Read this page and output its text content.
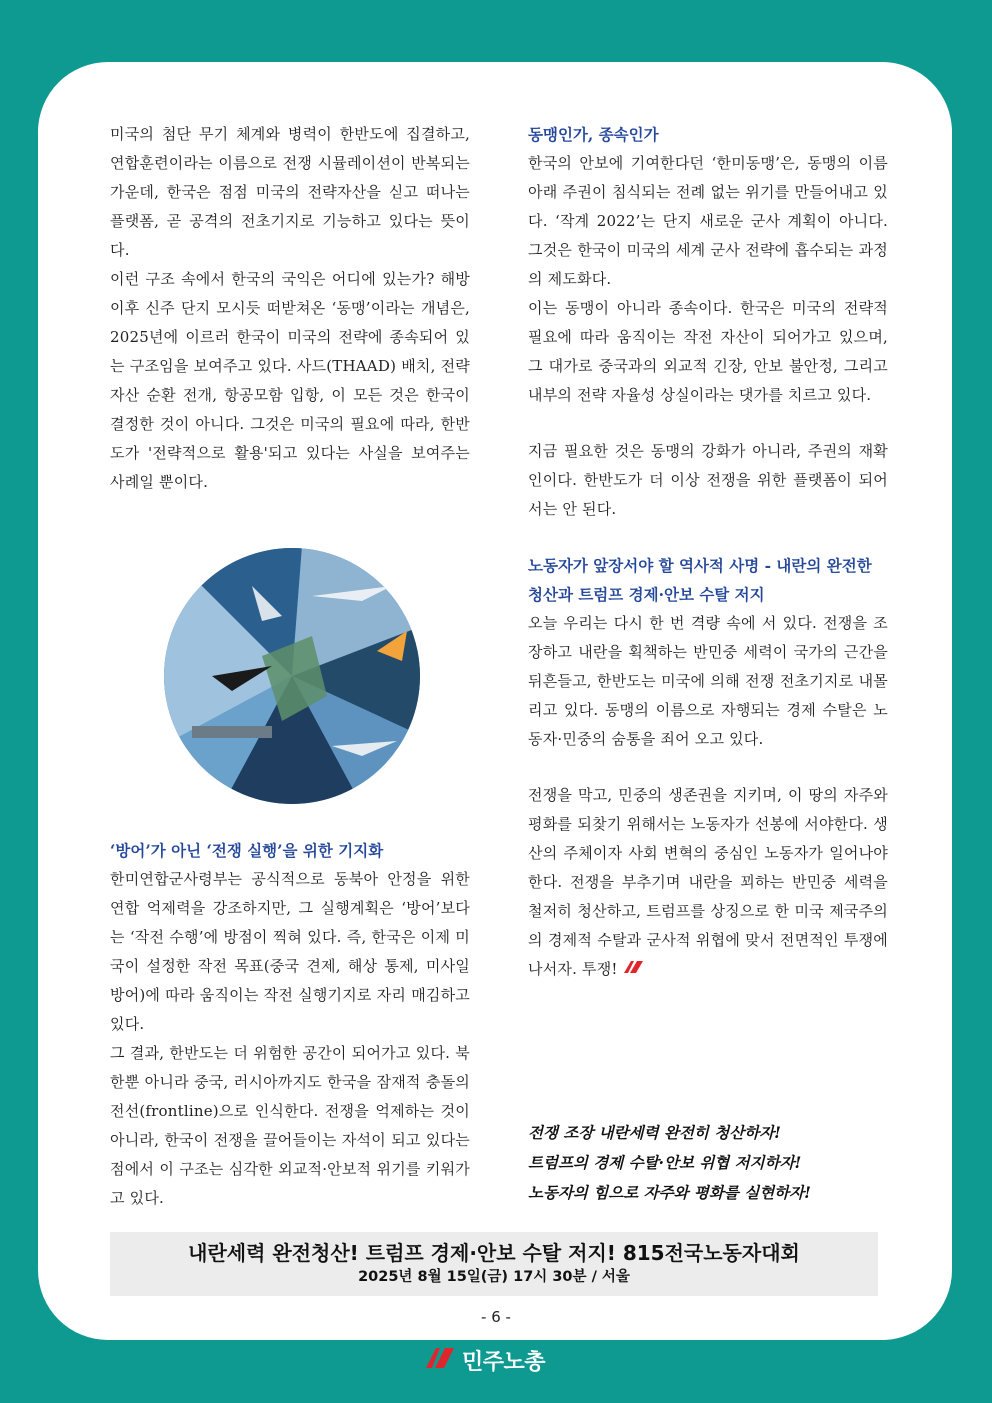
미국의 첨단 무기 체계와 병력이 한반도에 집결하고, 연합훈련이라는 이름으로 전쟁 시뮬레이션이 반복되는 가운데, 한국은 점점 미국의 전략자산을 싣고 떠나는 플랫폼, 곧 공격의 전초기지로 기능하고 있다는 뜻이다.

이런 구조 속에서 한국의 국익은 어디에 있는가? 해방 이후 신주 단지 모시듯 떠받쳐온 ‘동맹’이라는 개념은, 2025년에 이르러 한국이 미국의 전략에 종속되어 있는 구조임을 보여주고 있다. 사드(THAAD) 배치, 전략자산 순환 전개, 항공모함 입항, 이 모든 것은 한국이 결정한 것이 아니다. 그것은 미국의 필요에 따라, 한반도가 '전략적으로 활용'되고 있다는 사실을 보여주는 사례일 뿐이다.

‘방어’가 아닌 ‘전쟁 실행’을 위한 기지화

한미연합군사령부는 공식적으로 동북아 안정을 위한 연합 억제력을 강조하지만, 그 실행계획은 ‘방어’보다는 ‘작전 수행’에 방점이 찍혀 있다. 즉, 한국은 이제 미국이 설정한 작전 목표(중국 견제, 해상 통제, 미사일 방어)에 따라 움직이는 작전 실행기지로 자리 매김하고 있다.

그 결과, 한반도는 더 위험한 공간이 되어가고 있다. 북한뿐 아니라 중국, 러시아까지도 한국을 잠재적 충돌의 전선(frontline)으로 인식한다. 전쟁을 억제하는 것이 아니라, 한국이 전쟁을 끌어들이는 자석이 되고 있다는 점에서 이 구조는 심각한 외교적·안보적 위기를 키워가고 있다.

동맹인가, 종속인가

한국의 안보에 기여한다던 ‘한미동맹’은, 동맹의 이름 아래 주권이 침식되는 전례 없는 위기를 만들어내고 있다. ‘작계 2022’는 단지 새로운 군사 계획이 아니다. 그것은 한국이 미국의 세계 군사 전략에 흡수되는 과정의 제도화다.

이는 동맹이 아니라 종속이다. 한국은 미국의 전략적 필요에 따라 움직이는 작전 자산이 되어가고 있으며, 그 대가로 중국과의 외교적 긴장, 안보 불안정, 그리고 내부의 전략 자율성 상실이라는 댓가를 치르고 있다.

지금 필요한 것은 동맹의 강화가 아니라, 주권의 재확인이다. 한반도가 더 이상 전쟁을 위한 플랫폼이 되어서는 안 된다.

노동자가 앞장서야 할 역사적 사명 - 내란의 완전한 청산과 트럼프 경제·안보 수탈 저지

오늘 우리는 다시 한 번 격량 속에 서 있다. 전쟁을 조장하고 내란을 획책하는 반민중 세력이 국가의 근간을 뒤흔들고, 한반도는 미국에 의해 전쟁 전초기지로 내몰리고 있다. 동맹의 이름으로 자행되는 경제 수탈은 노동자·민중의 숨통을 죄어 오고 있다.

전쟁을 막고, 민중의 생존권을 지키며, 이 땅의 자주와 평화를 되찾기 위해서는 노동자가 선봉에 서야한다. 생산의 주체이자 사회 변혁의 중심인 노동자가 일어나야 한다. 전쟁을 부추기며 내란을 꾀하는 반민중 세력을 철저히 청산하고, 트럼프를 상징으로 한 미국 제국주의의 경제적 수탈과 군사적 위협에 맞서 전면적인 투쟁에 나서자. 투쟁!

전쟁 조장 내란세력 완전히 청산하자!

트럼프의 경제 수탈·안보 위협 저지하자!

노동자의 힘으로 자주와 평화를 실현하자!

내란세력 완전청산! 트럼프 경제·안보 수탈 저지! 815전국노동자대회
2025년 8월 15일(금) 17시 30분 / 서울
- 6 -
민주노총
